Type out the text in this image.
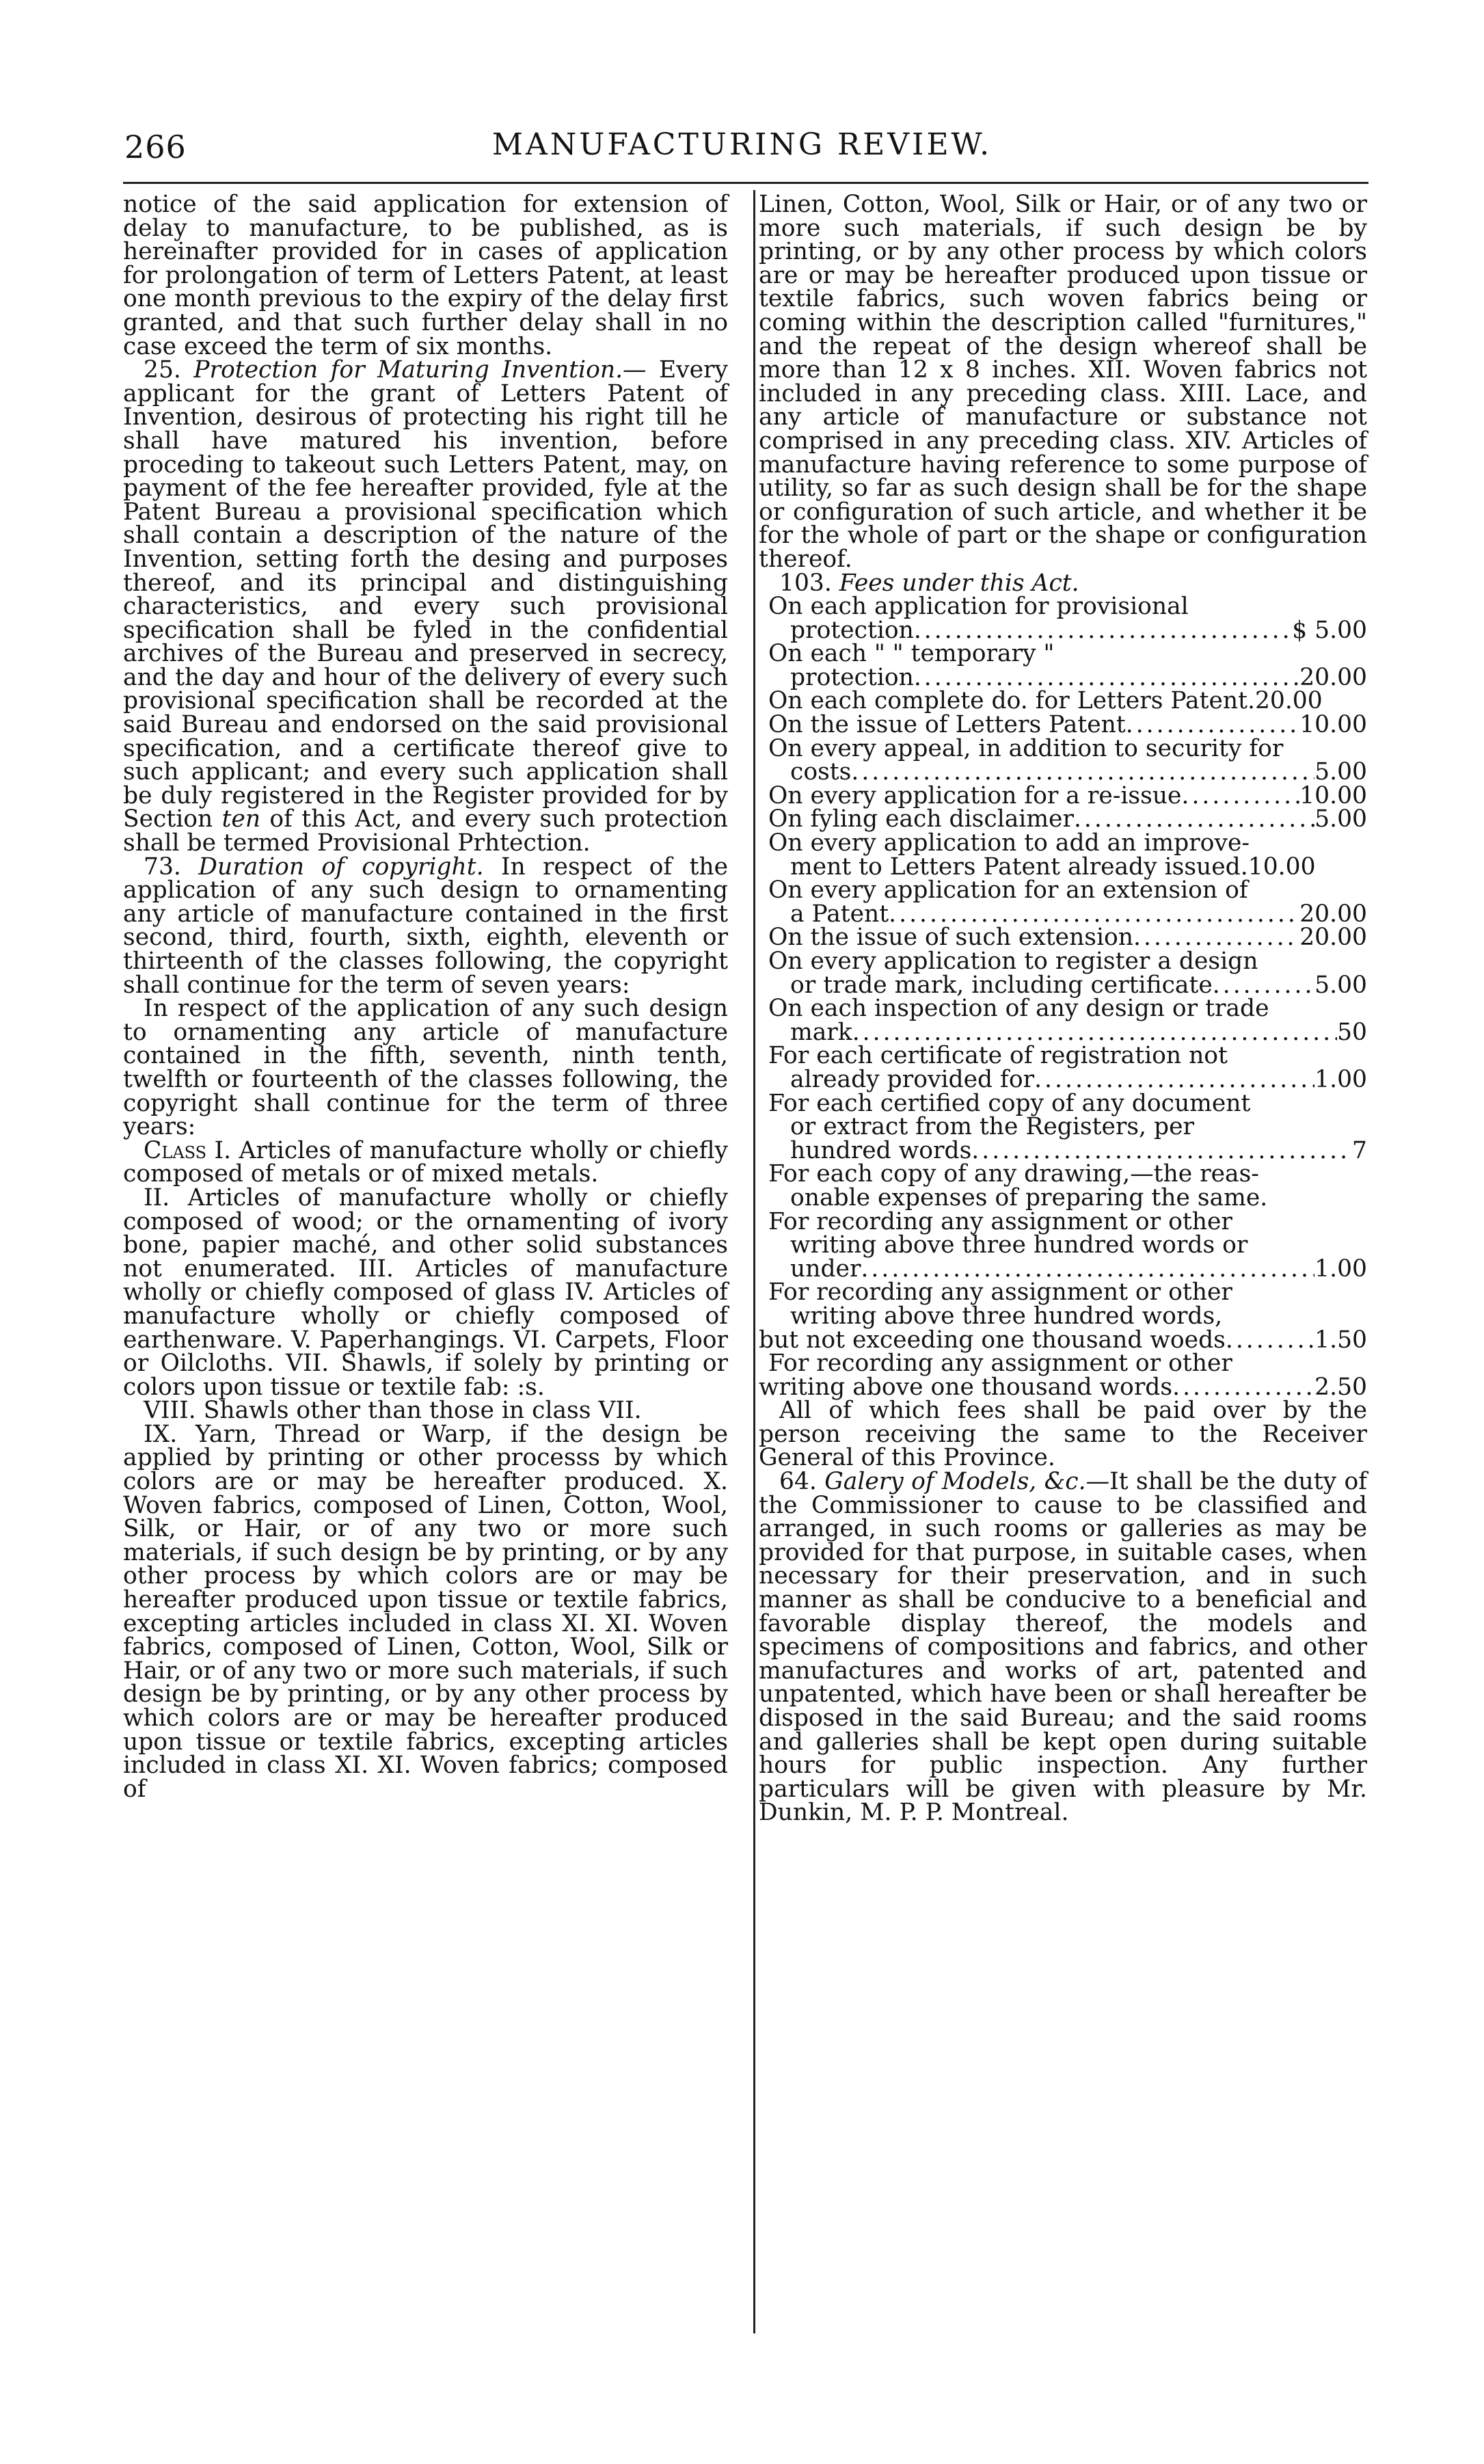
266	MANUFACTURING REVIEW.

notice of the said application for extension of delay to manufacture, to be published, as is hereinafter provided for in cases of application for prolongation of term of Letters Patent, at least one month previous to the expiry of the delay first granted, and that such further delay shall in no case exceed the term of six months.

25. Protection for Maturing Invention.— Every applicant for the grant of Letters Patent of Invention, desirous of protecting his right till he shall have matured his invention, before proceding to takeout such Letters Patent, may, on payment of the fee hereafter provided, fyle at the Patent Bureau a provisional specification which shall contain a description of the nature of the Invention, setting forth the desing and purposes thereof, and its principal and distinguishing characteristics, and every such provisional specification shall be fyled in the confidential archives of the Bureau and preserved in secrecy, and the day and hour of the delivery of every such provisional specification shall be recorded at the said Bureau and endorsed on the said provisional specification, and a certificate thereof give to such applicant; and every such application shall be duly registered in the Register provided for by Section ten of this Act, and every such protection shall be termed Provisional Prhtection.

73. Duration of copyright. In respect of the application of any such design to ornamenting any article of manufacture contained in the first second, third, fourth, sixth, eighth, eleventh or thirteenth of the classes following, the copyright shall continue for the term of seven years:

In respect of the application of any such design to ornamenting any article of manufacture contained in the fifth, seventh, ninth tenth, twelfth or fourteenth of the classes following, the copyright shall continue for the term of three years:

Class I. Articles of manufacture wholly or chiefly composed of metals or of mixed metals.

II. Articles of manufacture wholly or chiefly composed of wood; or the ornamenting of ivory bone, papier maché, and other solid substances not enumerated. III. Articles of manufacture wholly or chiefly composed of glass IV. Articles of manufacture wholly or chiefly composed of earthenware. V. Paperhangings. VI. Carpets, Floor or Oilcloths. VII. Shawls, if solely by printing or colors upon tissue or textile fab: :s.

VIII. Shawls other than those in class VII.

IX. Yarn, Thread or Warp, if the design be applied by printing or other processs by which colors are or may be hereafter produced. X. Woven fabrics, composed of Linen, Cotton, Wool, Silk, or Hair, or of any two or more such materials, if such design be by printing, or by any other process by which colors are or may be hereafter produced upon tissue or textile fabrics, excepting articles included in class XI. XI. Woven fabrics, composed of Linen, Cotton, Wool, Silk or Hair, or of any two or more such materials, if such design be by printing, or by any other process by which colors are or may be hereafter produced upon tissue or textile fabrics, excepting articles included in class XI. XI. Woven fabrics; composed of

Linen, Cotton, Wool, Silk or Hair, or of any two or more such materials, if such design be by printing, or by any other process by which colors are or may be hereafter produced upon tissue or textile fabrics, such woven fabrics being or coming within the description called "furnitures," and the repeat of the design whereof shall be more than 12 x 8 inches. XII. Woven fabrics not included in any preceding class. XIII. Lace, and any article of manufacture or substance not comprised in any preceding class. XIV. Articles of manufacture having reference to some purpose of utility, so far as such design shall be for the shape or configuration of such article, and whether it be for the whole of part or the shape or configuration thereof.

103. Fees under this Act.

On each application for provisional
protection .....	$ 5.00
On each " " temporary "
protection .....	20.00
On each complete do. for Letters Patent. 20.00
On the issue of Letters Patent .....	10.00
On every appeal, in addition to security for
costs .....	5.00
On every application for a re-issue .....	10.00
On fyling each disclaimer .....	5.00
On every application to add an improve-
ment to Letters Patent already issued. 10.00
On every application for an extension of
a Patent .....	20.00
On the issue of such extension .....	20.00
On every application to register a design
or trade mark, including certificate .....	5.00
On each inspection of any design or trade
mark .....	50
For each certificate of registration not
already provided for .....	1.00
For each certified copy of any document
or extract from the Registers, per
hundred words .....	7
For each copy of any drawing,—the reas-
onable expenses of preparing the same.
For recording any assignment or other
writing above three hundred words or
under .....	1.00
For recording any assignment or other
writing above three hundred words,
but not exceeding one thousand woeds .....	1.50
For recording any assignment or other
writing above one thousand words .....	2.50

All of which fees shall be paid over by the person receiving the same to the Receiver General of this Province.

64. Galery of Models, &c.—It shall be the duty of the Commissioner to cause to be classified and arranged, in such rooms or galleries as may be provided for that purpose, in suitable cases, when necessary for their preservation, and in such manner as shall be conducive to a beneficial and favorable display thereof, the models and specimens of compositions and fabrics, and other manufactures and works of art, patented and unpatented, which have been or shall hereafter be disposed in the said Bureau; and the said rooms and galleries shall be kept open during suitable hours for public inspection. Any further particulars will be given with pleasure by Mr. Dunkin, M. P. P. Montreal.
